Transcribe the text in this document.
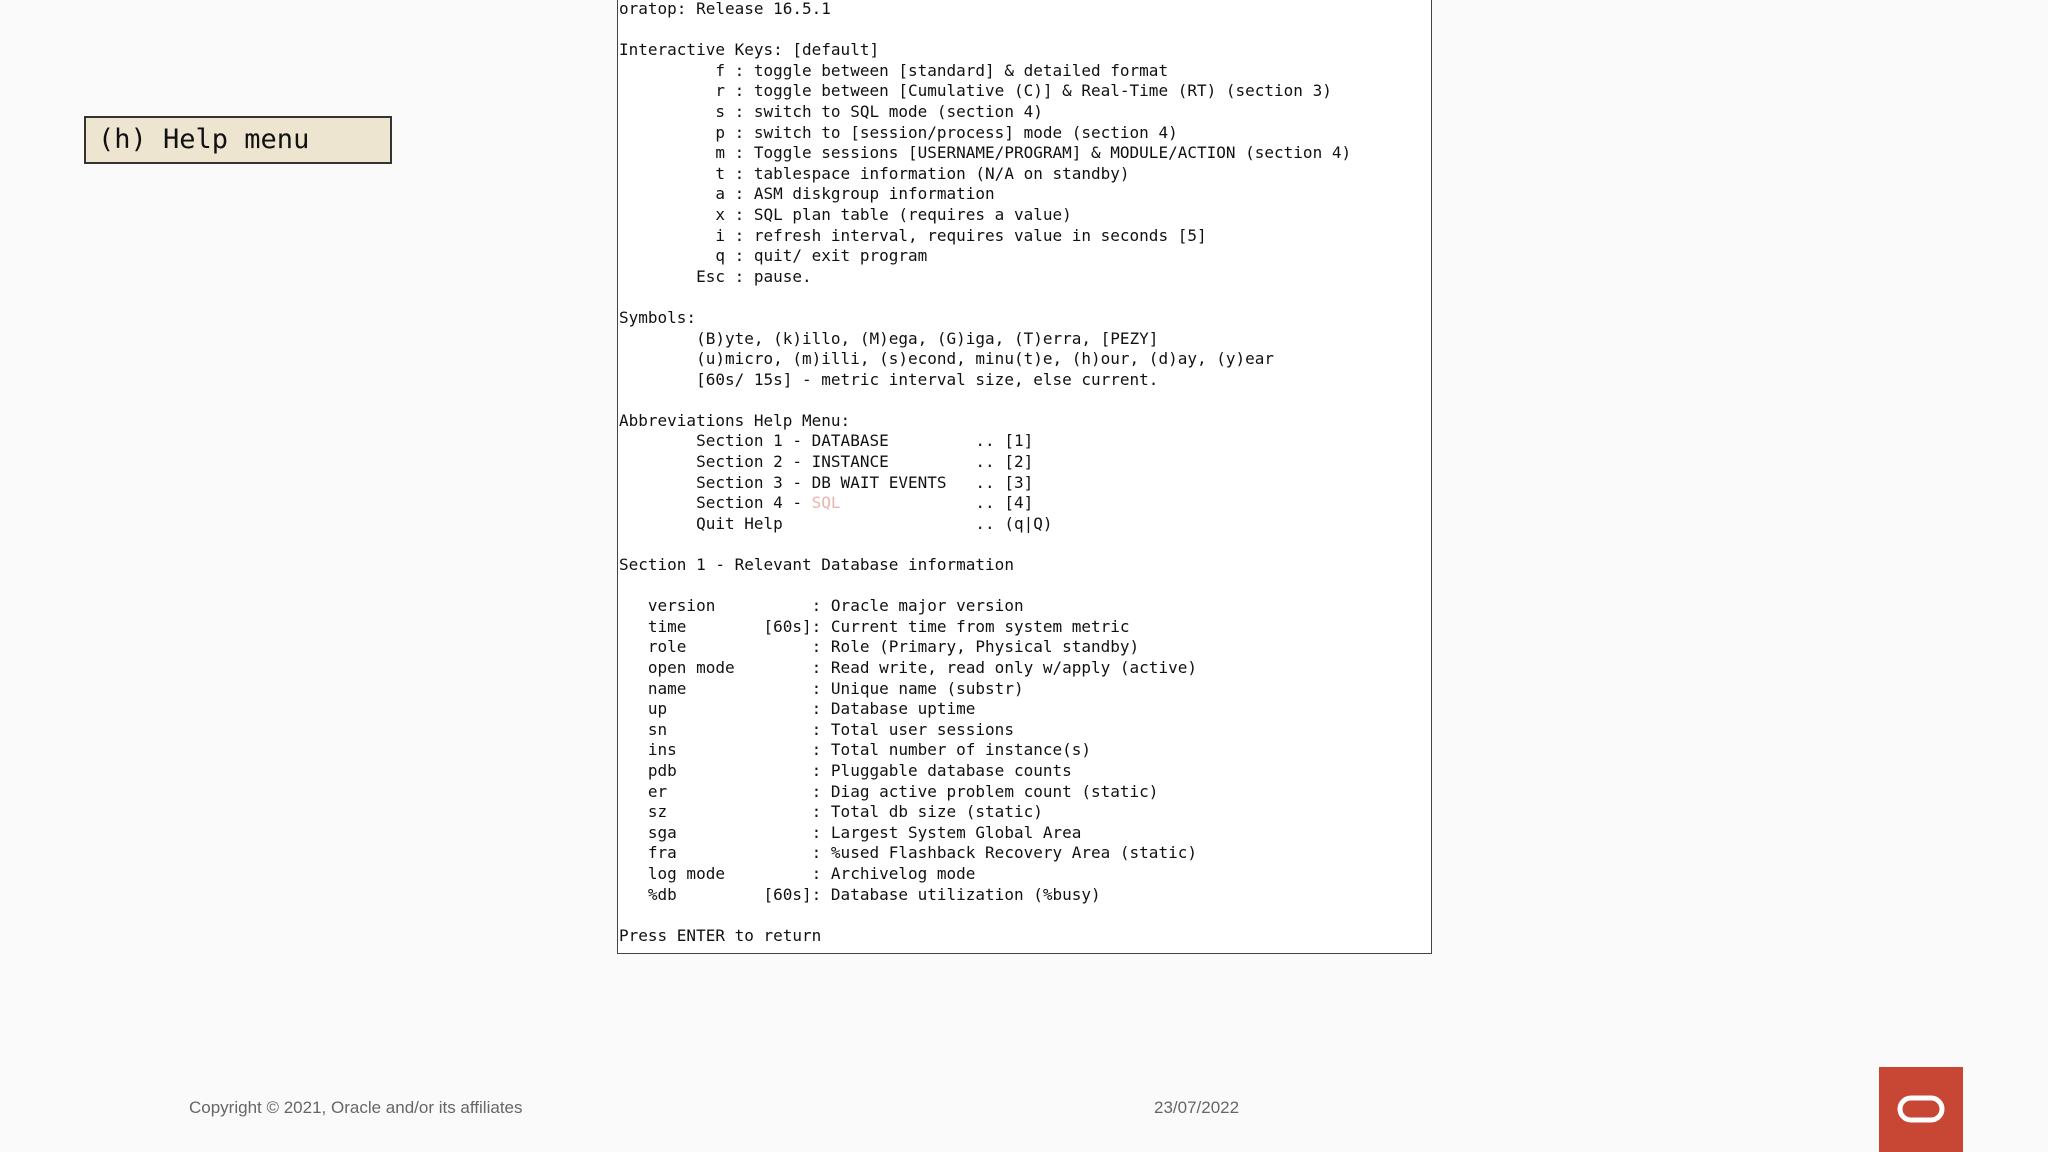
(h) Help menu
oratop: Release 16.5.1
Interactive Keys: [default]
f : toggle between [standard] & detailed format
r : toggle between [Cumulative (C)] & Real-Time (RT) (section 3)
s : switch to SQL mode (section 4)
p : switch to [session/process] mode (section 4)
m : Toggle sessions [USERNAME/PROGRAM] & MODULE/ACTION (section 4)
t : tablespace information (N/A on standby)
a : ASM diskgroup information
x : SQL plan table (requires a value)
i : refresh interval, requires value in seconds [5]
q : quit/ exit program
Esc : pause.
Symbols:
(B)yte, (k)illo, (M)ega, (G)iga, (T)erra, [PEZY]
(u)micro, (m)illi, (s)econd, minu(t)e, (h)our, (d)ay, (y)ear
[60s/ 15s] - metric interval size, else current.
Abbreviations Help Menu:
Section 1 - DATABASE         .. [1]
Section 2 - INSTANCE         .. [2]
Section 3 - DB WAIT EVENTS   .. [3]
Section 4 - SQL              .. [4]
Quit Help                    .. (q|Q)
Section 1 - Relevant Database information
version          : Oracle major version
time        [60s]: Current time from system metric
role             : Role (Primary, Physical standby)
open mode        : Read write, read only w/apply (active)
name             : Unique name (substr)
up               : Database uptime
sn               : Total user sessions
ins              : Total number of instance(s)
pdb              : Pluggable database counts
er               : Diag active problem count (static)
sz               : Total db size (static)
sga              : Largest System Global Area
fra              : %used Flashback Recovery Area (static)
log mode         : Archivelog mode
%db         [60s]: Database utilization (%busy)
Press ENTER to return
Copyright © 2021, Oracle and/or its affiliates	23/07/2022
